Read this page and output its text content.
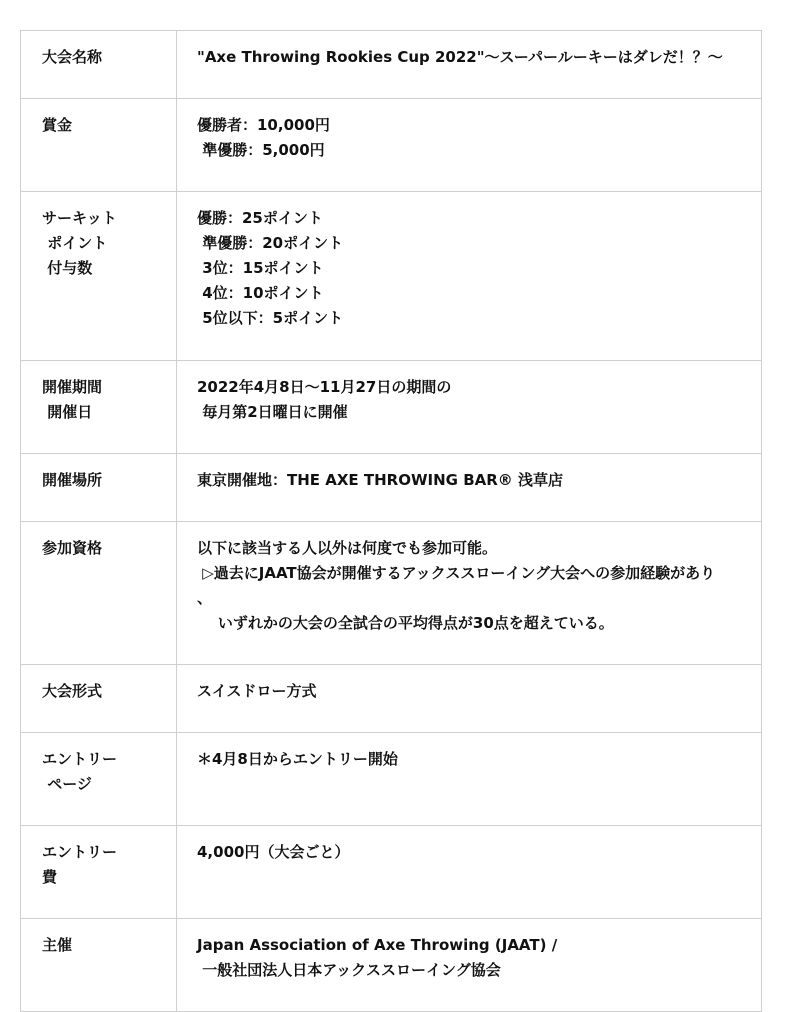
大会名称	"Axe Throwing Rookies Cup 2022"〜スーパールーキーはダレだ！？〜

賞金	優勝者：10,000円
準優勝：5,000円

サーキット
ポイント
付与数	優勝：25ポイント
準優勝：20ポイント
3位：15ポイント
4位：10ポイント
5位以下：5ポイント

開催期間
開催日	2022年4月8日〜11月27日の期間の
毎月第2日曜日に開催

開催場所	東京開催地：THE AXE THROWING BAR® 浅草店

参加資格	以下に該当する人以外は何度でも参加可能。
▷過去にJAAT協会が開催するアックススローイング大会への参加経験があり
、
いずれかの大会の全試合の平均得点が30点を超えている。

大会形式	スイスドロー方式

エントリー
ページ	＊4月8日からエントリー開始

エントリー
費	4,000円（大会ごと）

主催	Japan Association of Axe Throwing (JAAT) /
一般社団法人日本アックススローイング協会
